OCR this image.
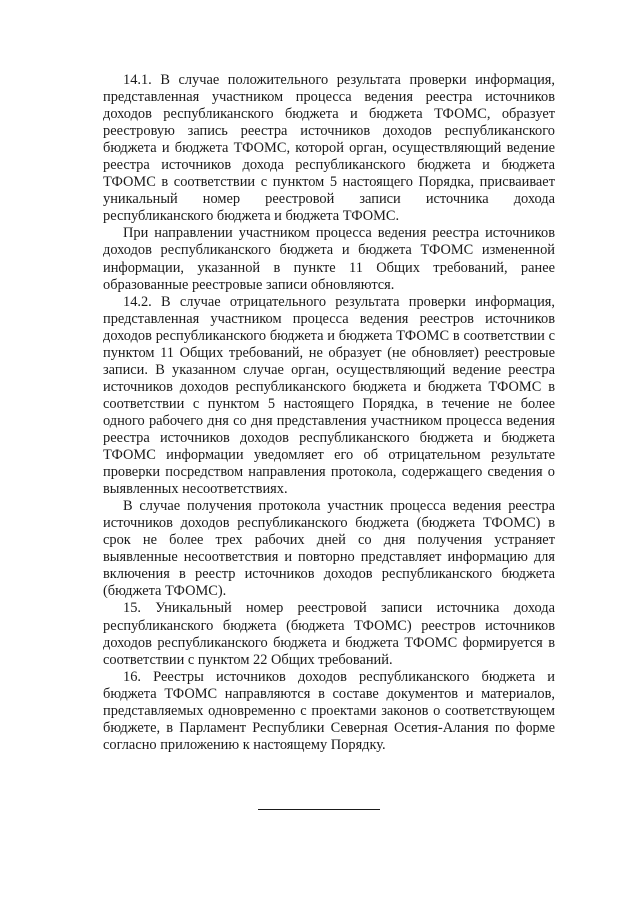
14.1. В случае положительного результата проверки информация, представленная участником процесса ведения реестра источников доходов республиканского бюджета и бюджета ТФОМС, образует реестровую запись реестра источников доходов республиканского бюджета и бюджета ТФОМС, которой орган, осуществляющий ведение реестра источников дохода республиканского бюджета и бюджета ТФОМС в соответствии с пунктом 5 настоящего Порядка, присваивает уникальный номер реестровой записи источника дохода республиканского бюджета и бюджета ТФОМС.

При направлении участником процесса ведения реестра источников доходов республиканского бюджета и бюджета ТФОМС измененной информации, указанной в пункте 11 Общих требований, ранее образованные реестровые записи обновляются.

14.2. В случае отрицательного результата проверки информация, представленная участником процесса ведения реестров источников доходов республиканского бюджета и бюджета ТФОМС в соответствии с пунктом 11 Общих требований, не образует (не обновляет) реестровые записи. В указанном случае орган, осуществляющий ведение реестра источников доходов республиканского бюджета и бюджета ТФОМС в соответствии с пунктом 5 настоящего Порядка, в течение не более одного рабочего дня со дня представления участником процесса ведения реестра источников доходов республиканского бюджета и бюджета ТФОМС информации уведомляет его об отрицательном результате проверки посредством направления протокола, содержащего сведения о выявленных несоответствиях.

В случае получения протокола участник процесса ведения реестра источников доходов республиканского бюджета (бюджета ТФОМС) в срок не более трех рабочих дней со дня получения устраняет выявленные несоответствия и повторно представляет информацию для включения в реестр источников доходов республиканского бюджета (бюджета ТФОМС).

15. Уникальный номер реестровой записи источника дохода республиканского бюджета (бюджета ТФОМС) реестров источников доходов республиканского бюджета и бюджета ТФОМС формируется в соответствии с пунктом 22 Общих требований.

16. Реестры источников доходов республиканского бюджета и бюджета ТФОМС направляются в составе документов и материалов, представляемых одновременно с проектами законов о соответствующем бюджете, в Парламент Республики Северная Осетия-Алания по форме согласно приложению к настоящему Порядку.
